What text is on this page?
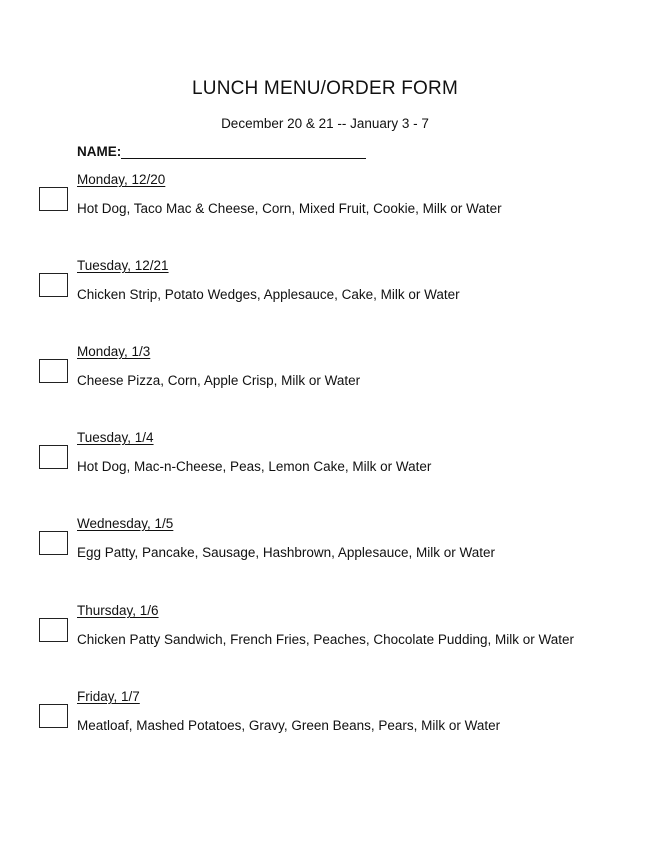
LUNCH MENU/ORDER FORM
December 20 & 21 -- January 3 - 7
NAME:
Monday, 12/20
Hot Dog, Taco Mac & Cheese, Corn, Mixed Fruit, Cookie, Milk or Water
Tuesday, 12/21
Chicken Strip, Potato Wedges, Applesauce, Cake, Milk or Water
Monday, 1/3
Cheese Pizza, Corn, Apple Crisp, Milk or Water
Tuesday, 1/4
Hot Dog, Mac-n-Cheese, Peas, Lemon Cake, Milk or Water
Wednesday, 1/5
Egg Patty, Pancake, Sausage, Hashbrown, Applesauce, Milk or Water
Thursday, 1/6
Chicken Patty Sandwich, French Fries, Peaches, Chocolate Pudding, Milk or Water
Friday, 1/7
Meatloaf, Mashed Potatoes, Gravy, Green Beans, Pears, Milk or Water
